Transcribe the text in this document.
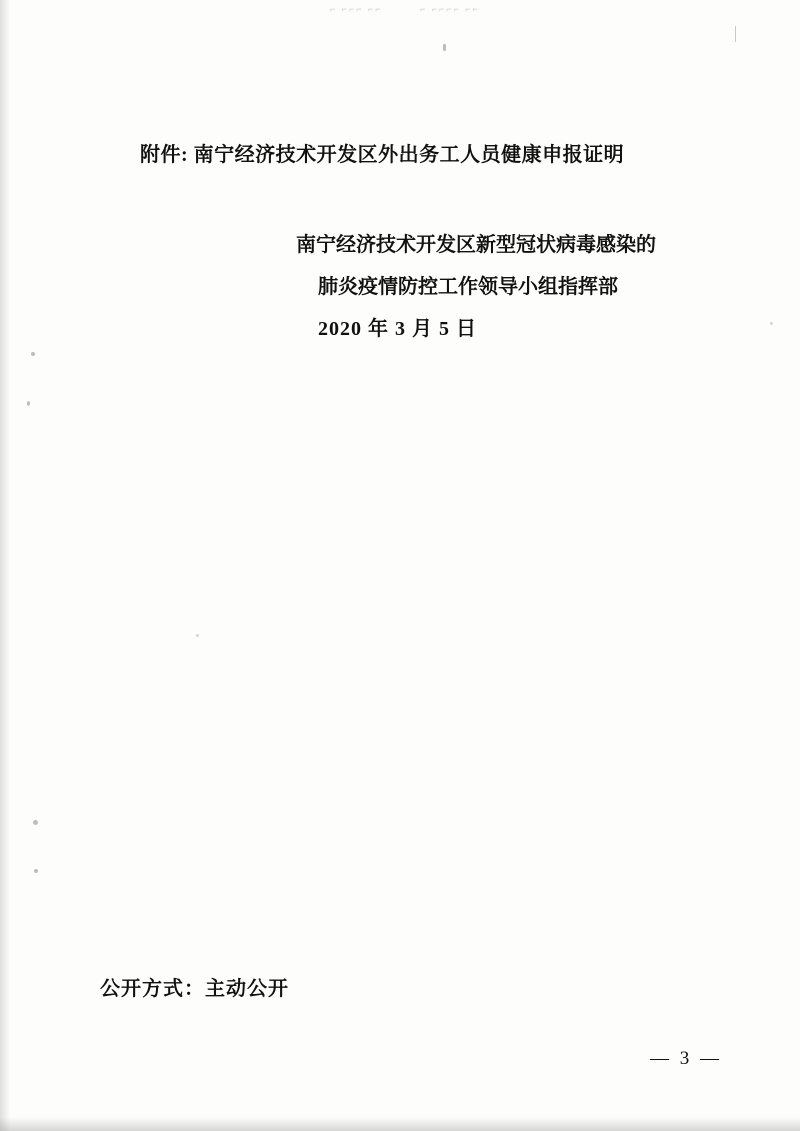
⌐ ⌐⌐⌐ ⌐⌐	⌐ ⌐⌐⌐⌐ ⌐⌐
附件: 南宁经济技术开发区外出务工人员健康申报证明
南宁经济技术开发区新型冠状病毒感染的
肺炎疫情防控工作领导小组指挥部
2020 年 3 月 5 日
公开方式：主动公开
— 3 —
